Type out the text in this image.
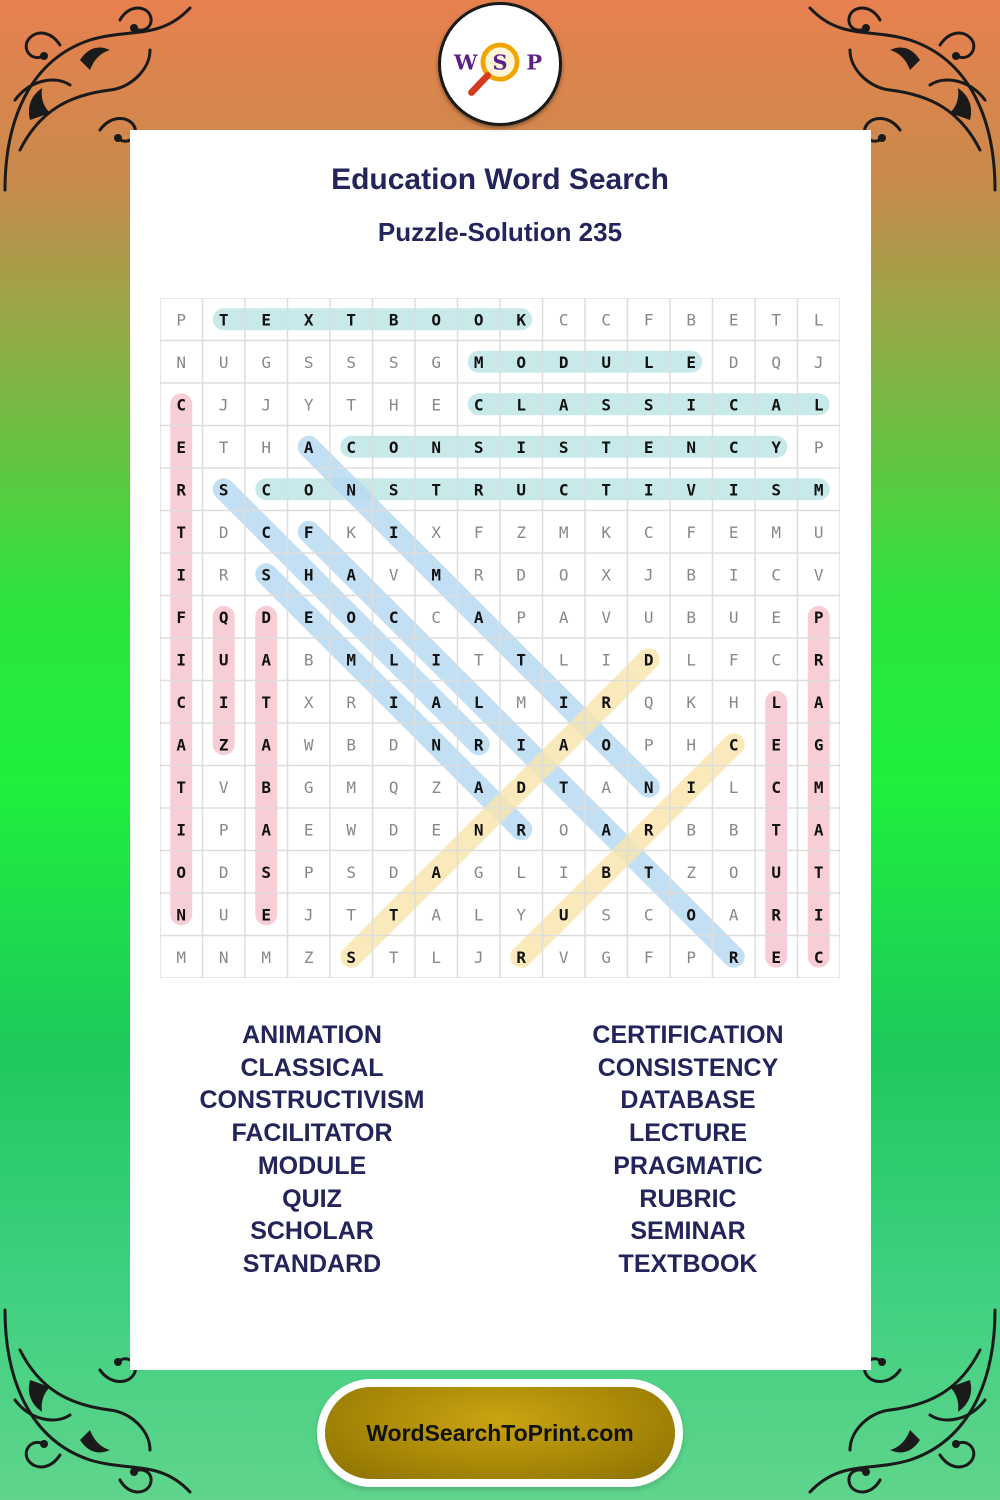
W S P
Education Word Search
Puzzle-Solution 235
P T E X T B O O K C C F B E T L
N U G S S S G M O D U L E D Q J
C J J Y T H E C L A S S I C A L
E T H A C O N S I S T E N C Y P
R S C O N S T R U C T I V I S M
T D C F K I X F Z M K C F E M U
I R S H A V M R D O X J B I C V
F Q D E O C C A P A V U B U E P
I U A B M L I T T L I D L F C R
C I T X R I A L M I R Q K H L A
A Z A W B D N R I A O P H C E G
T V B G M Q Z A D T A N I L C M
I P A E W D E N R O A R B B T A
O D S P S D A G L I B T Z O U T
N U E J T T A L Y U S C O A R I
M N M Z S T L J R V G F P R E C
ANIMATION
CLASSICAL
CONSTRUCTIVISM
FACILITATOR
MODULE
QUIZ
SCHOLAR
STANDARD
CERTIFICATION
CONSISTENCY
DATABASE
LECTURE
PRAGMATIC
RUBRIC
SEMINAR
TEXTBOOK
WordSearchToPrint.com
